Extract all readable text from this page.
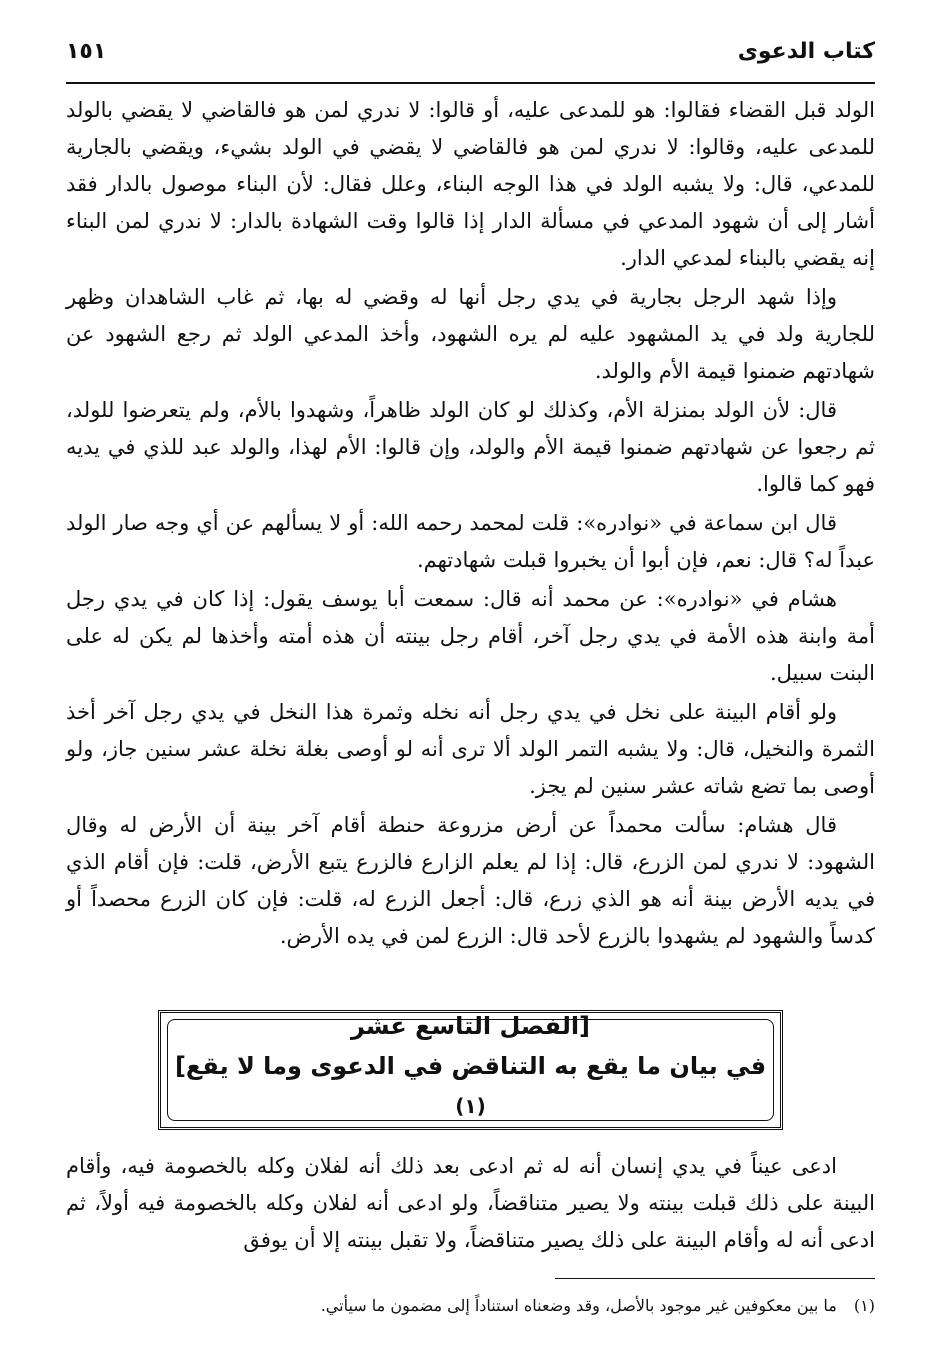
كتاب الدعوى
١٥١

الولد قبل القضاء فقالوا: هو للمدعى عليه، أو قالوا: لا ندري لمن هو فالقاضي لا يقضي بالولد للمدعى عليه، وقالوا: لا ندري لمن هو فالقاضي لا يقضي في الولد بشيء، ويقضي بالجارية للمدعي، قال: ولا يشبه الولد في هذا الوجه البناء، وعلل فقال: لأن البناء موصول بالدار فقد أشار إلى أن شهود المدعي في مسألة الدار إذا قالوا وقت الشهادة بالدار: لا ندري لمن البناء إنه يقضي بالبناء لمدعي الدار.

وإذا شهد الرجل بجارية في يدي رجل أنها له وقضي له بها، ثم غاب الشاهدان وظهر للجارية ولد في يد المشهود عليه لم يره الشهود، وأخذ المدعي الولد ثم رجع الشهود عن شهادتهم ضمنوا قيمة الأم والولد.

قال: لأن الولد بمنزلة الأم، وكذلك لو كان الولد ظاهراً، وشهدوا بالأم، ولم يتعرضوا للولد، ثم رجعوا عن شهادتهم ضمنوا قيمة الأم والولد، وإن قالوا: الأم لهذا، والولد عبد للذي في يديه فهو كما قالوا.

قال ابن سماعة في «نوادره»: قلت لمحمد رحمه الله: أو لا يسألهم عن أي وجه صار الولد عبداً له؟ قال: نعم، فإن أبوا أن يخبروا قبلت شهادتهم.

هشام في «نوادره»: عن محمد أنه قال: سمعت أبا يوسف يقول: إذا كان في يدي رجل أمة وابنة هذه الأمة في يدي رجل آخر، أقام رجل بينته أن هذه أمته وأخذها لم يكن له على البنت سبيل.

ولو أقام البينة على نخل في يدي رجل أنه نخله وثمرة هذا النخل في يدي رجل آخر أخذ الثمرة والنخيل، قال: ولا يشبه التمر الولد ألا ترى أنه لو أوصى بغلة نخلة عشر سنين جاز، ولو أوصى بما تضع شاته عشر سنين لم يجز.

قال هشام: سألت محمداً عن أرض مزروعة حنطة أقام آخر بينة أن الأرض له وقال الشهود: لا ندري لمن الزرع، قال: إذا لم يعلم الزارع فالزرع يتبع الأرض، قلت: فإن أقام الذي في يديه الأرض بينة أنه هو الذي زرع، قال: أجعل الزرع له، قلت: فإن كان الزرع محصداً أو كدساً والشهود لم يشهدوا بالزرع لأحد قال: الزرع لمن في يده الأرض.

[الفصل التاسع عشر
في بيان ما يقع به التناقض في الدعوى وما لا يقع]$^{(١)}$

ادعى عيناً في يدي إنسان أنه له ثم ادعى بعد ذلك أنه لفلان وكله بالخصومة فيه، وأقام البينة على ذلك قبلت بينته ولا يصير متناقضاً، ولو ادعى أنه لفلان وكله بالخصومة فيه أولاً، ثم ادعى أنه له وأقام البينة على ذلك يصير متناقضاً، ولا تقبل بينته إلا أن يوفق

(١) ما بين معكوفين غير موجود بالأصل، وقد وضعناه استناداً إلى مضمون ما سيأتي.
